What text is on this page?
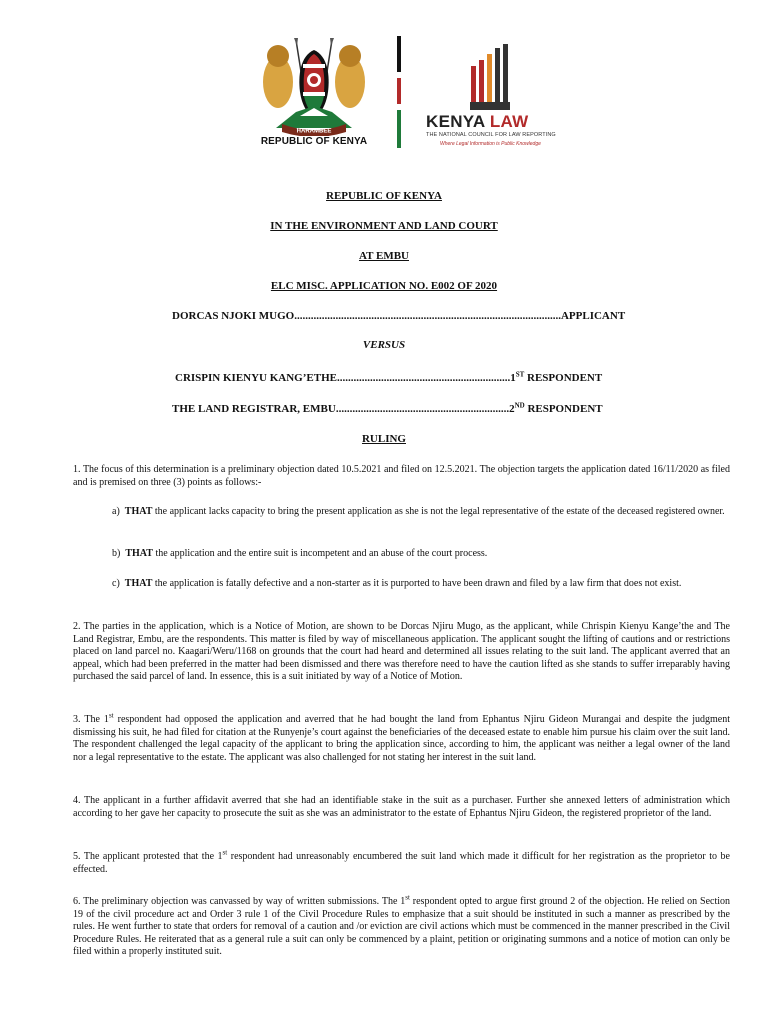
HARAMBEE
REPUBLIC OF KENYA
KENYA LAW
THE NATIONAL COUNCIL FOR LAW REPORTING
Where Legal Information is Public Knowledge
REPUBLIC OF KENYA
IN THE ENVIRONMENT AND LAND COURT
AT EMBU
ELC MISC. APPLICATION NO. E002 OF 2020
DORCAS NJOKI MUGO.................................................................................................APPLICANT
VERSUS
CRISPIN KIENYU KANG’ETHE...............................................................1ST RESPONDENT
THE LAND REGISTRAR, EMBU...............................................................2ND RESPONDENT
RULING
1. The focus of this determination is a preliminary objection dated 10.5.2021 and filed on 12.5.2021. The objection targets the application dated 16/11/2020 as filed and is premised on three (3) points as follows:-
a) THAT the applicant lacks capacity to bring the present application as she is not the legal representative of the estate of the deceased registered owner.
b) THAT the application and the entire suit is incompetent and an abuse of the court process.
c) THAT the application is fatally defective and a non-starter as it is purported to have been drawn and filed by a law firm that does not exist.
2. The parties in the application, which is a Notice of Motion, are shown to be Dorcas Njiru Mugo, as the applicant, while Chrispin Kienyu Kange’the and The Land Registrar, Embu, are the respondents. This matter is filed by way of miscellaneous application. The applicant sought the lifting of cautions and or restrictions placed on land parcel no. Kaagari/Weru/1168 on grounds that the court had heard and determined all issues relating to the suit land. The applicant averred that an appeal, which had been preferred in the matter had been dismissed and there was therefore need to have the caution lifted as she stands to suffer irreparably having purchased the said parcel of land. In essence, this is a suit initiated by way of a Notice of Motion.
3. The 1st respondent had opposed the application and averred that he had bought the land from Ephantus Njiru Gideon Murangai and despite the judgment dismissing his suit, he had filed for citation at the Runyenje’s court against the beneficiaries of the deceased estate to enable him pursue his claim over the suit land. The respondent challenged the legal capacity of the applicant to bring the application since, according to him, the applicant was neither a legal owner of the land nor a legal representative to the estate. The applicant was also challenged for not stating her interest in the suit land.
4. The applicant in a further affidavit averred that she had an identifiable stake in the suit as a purchaser. Further she annexed letters of administration which according to her gave her capacity to prosecute the suit as she was an administrator to the estate of Ephantus Njiru Gideon, the registered proprietor of the land.
5. The applicant protested that the 1st respondent had unreasonably encumbered the suit land which made it difficult for her registration as the proprietor to be effected.
6. The preliminary objection was canvassed by way of written submissions. The 1st respondent opted to argue first ground 2 of the objection. He relied on Section 19 of the civil procedure act and Order 3 rule 1 of the Civil Procedure Rules to emphasize that a suit should be instituted in such a manner as prescribed by the rules. He went further to state that orders for removal of a caution and /or eviction are civil actions which must be commenced in the manner prescribed in the Civil Procedure Rules. He reiterated that as a general rule a suit can only be commenced by a plaint, petition or originating summons and a notice of motion can only be filed within a properly instituted suit.
